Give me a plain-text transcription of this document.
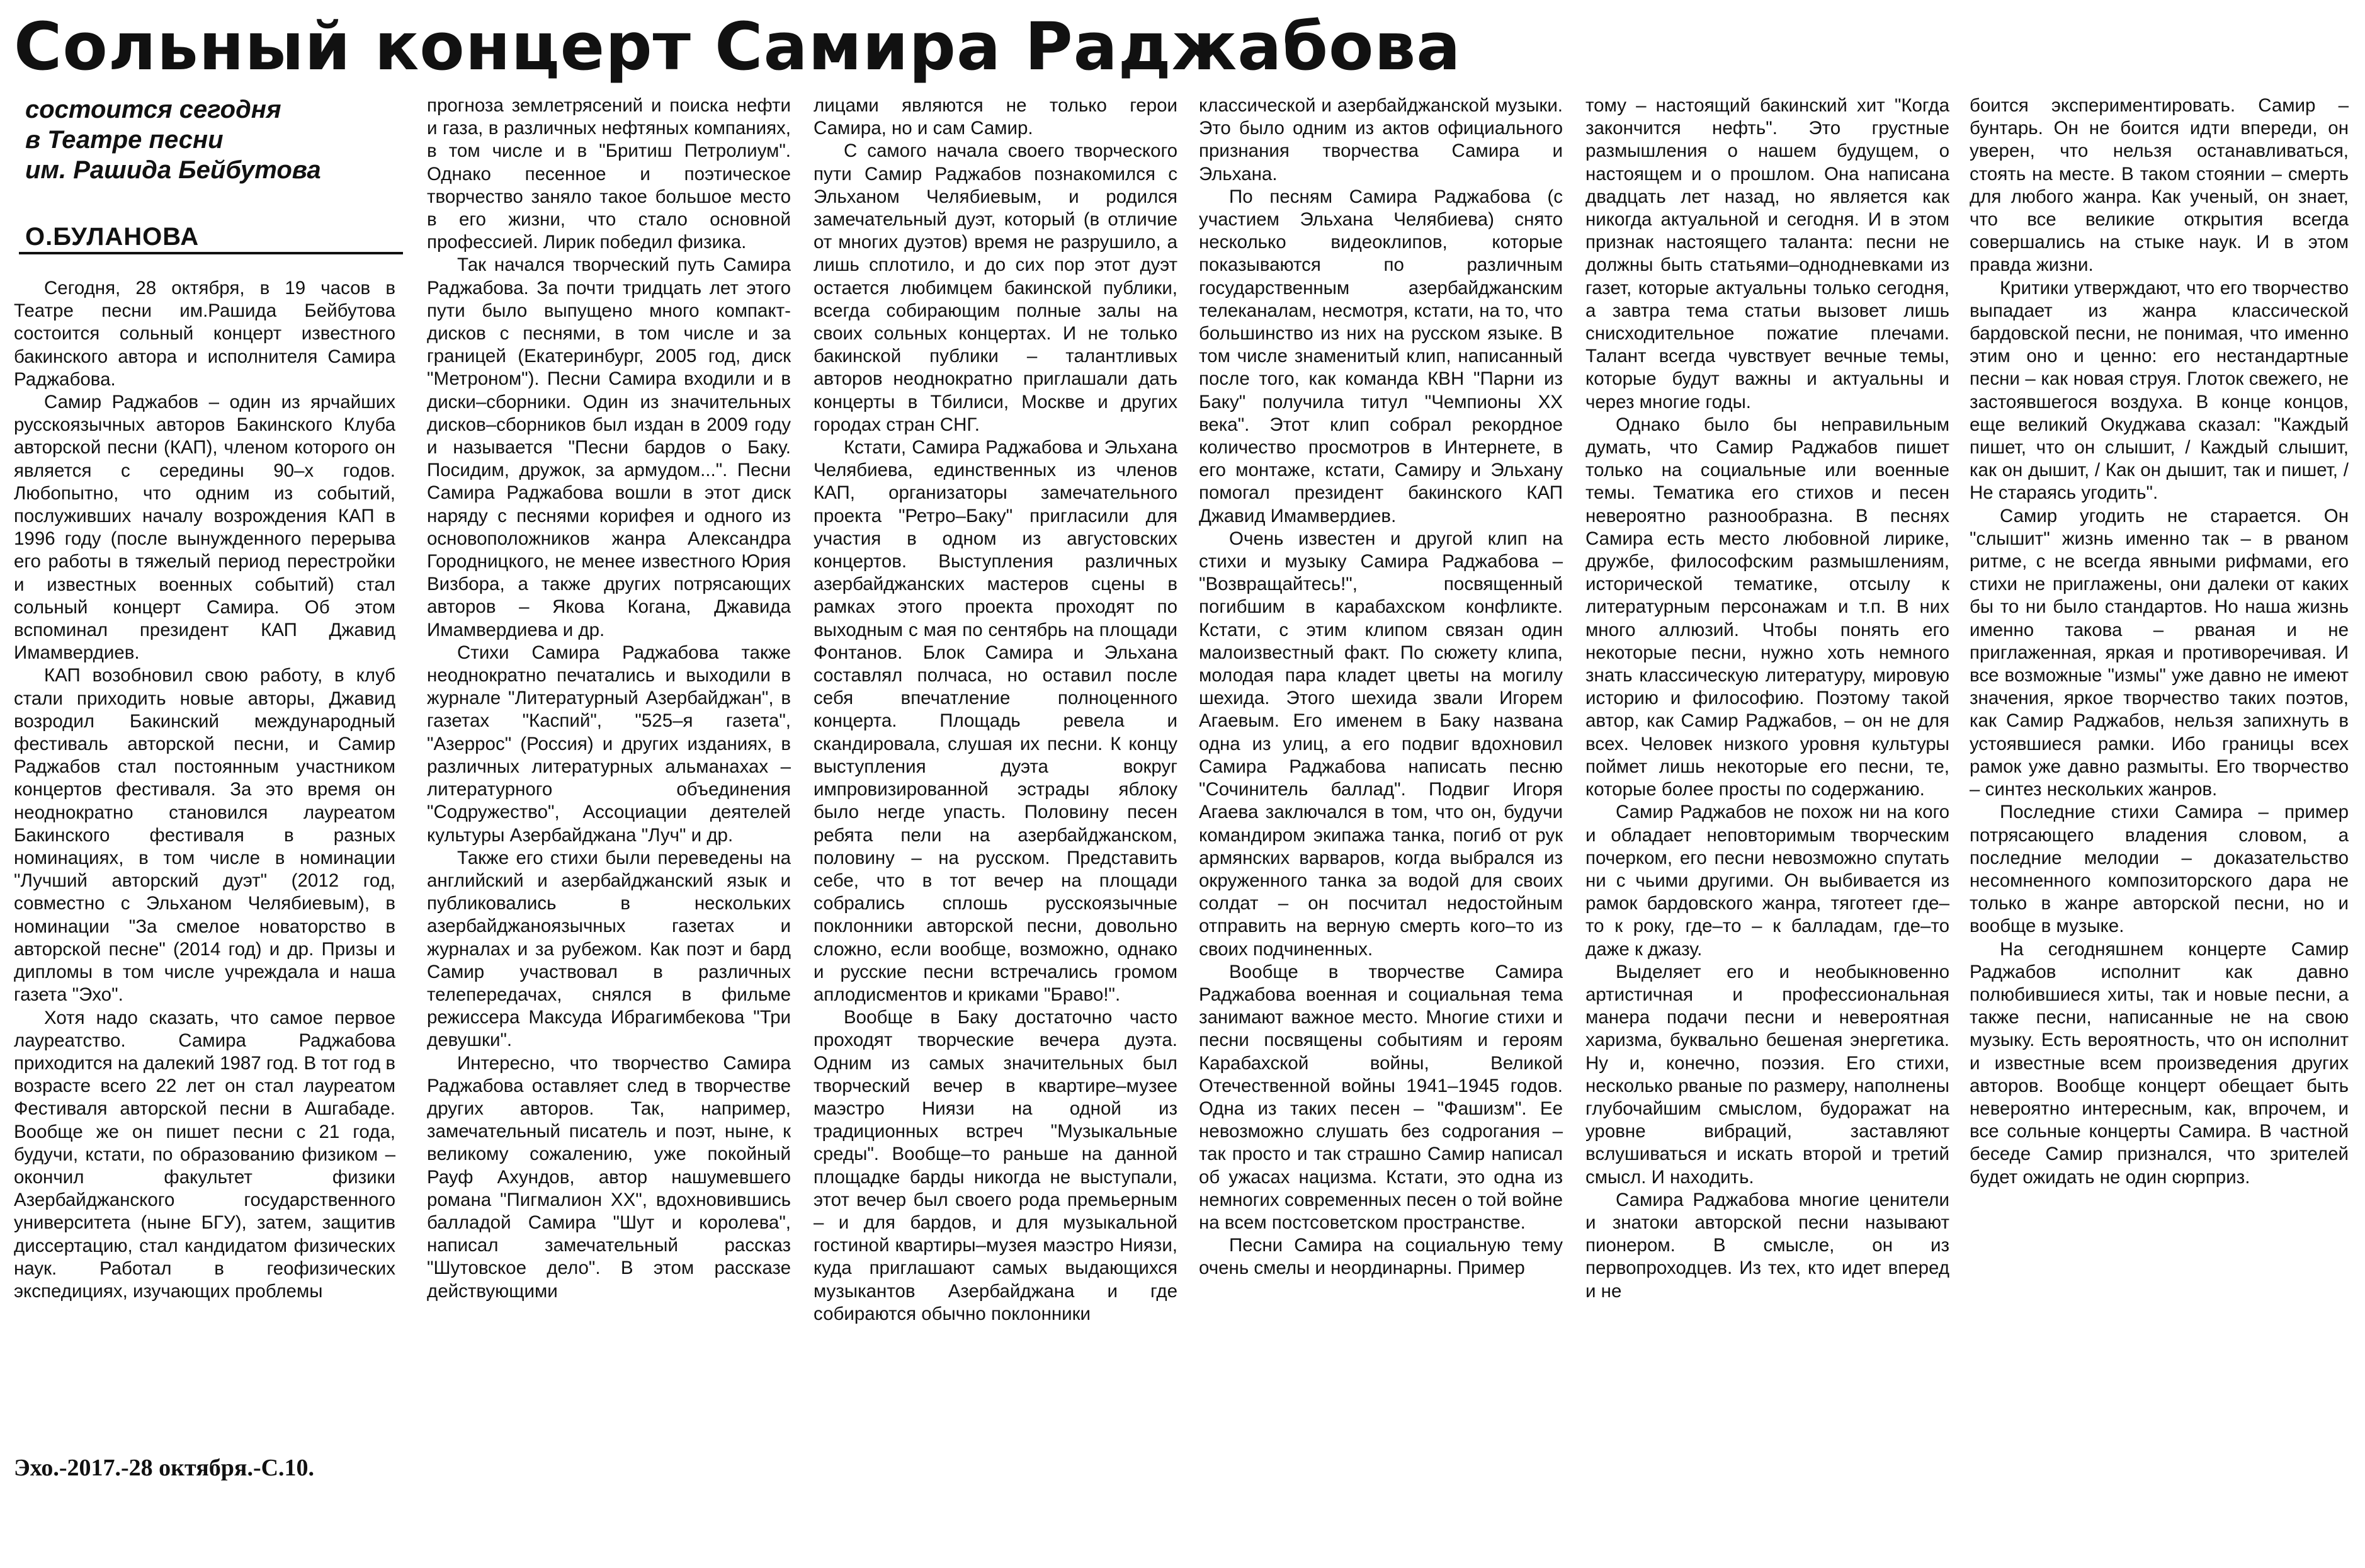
Сольный концерт Самира Раджабова
состоится сегодня
в Театре песни
им. Рашида Бейбутова
О.БУЛАНОВА

Сегодня, 28 октября, в 19 часов в Театре песни им.Рашида Бейбутова состоится сольный концерт известного бакинского автора и исполнителя Самира Раджабова.

Самир Раджабов – один из ярчайших русскоязычных авторов Бакинского Клуба авторской песни (КАП), членом которого он является с середины 90–х годов. Любопытно, что одним из событий, послуживших началу возрождения КАП в 1996 году (после вынужденного перерыва его работы в тяжелый период перестройки и известных военных событий) стал сольный концерт Самира. Об этом вспоминал президент КАП Джавид Имамвердиев.

КАП возобновил свою работу, в клуб стали приходить новые авторы, Джавид возродил Бакинский международный фестиваль авторской песни, и Самир Раджабов стал постоянным участником концертов фестиваля. За это время он неоднократно становился лауреатом Бакинского фестиваля в разных номинациях, в том числе в номинации "Лучший авторский дуэт" (2012 год, совместно с Эльханом Челябиевым), в номинации "За смелое новаторство в авторской песне" (2014 год) и др. Призы и дипломы в том числе учреждала и наша газета "Эхо".

Хотя надо сказать, что самое первое лауреатство. Самира Раджабова приходится на далекий 1987 год. В тот год в возрасте всего 22 лет он стал лауреатом Фестиваля авторской песни в Ашгабаде. Вообще же он пишет песни с 21 года, будучи, кстати, по образованию физиком – окончил факультет физики Азербайджанского государственного университета (ныне БГУ), затем, защитив диссертацию, стал кандидатом физических наук. Работал в геофизических экспедициях, изучающих проблемы

прогноза землетрясений и поиска нефти и газа, в различных нефтяных компаниях, в том числе и в "Бритиш Петролиум". Однако песенное и поэтическое творчество заняло такое большое место в его жизни, что стало основной профессией. Лирик победил физика.

Так начался творческий путь Самира Раджабова. За почти тридцать лет этого пути было выпущено много компакт-дисков с песнями, в том числе и за границей (Екатеринбург, 2005 год, диск "Метроном"). Песни Самира входили и в диски–сборники. Один из значительных дисков–сборников был издан в 2009 году и называется "Песни бардов о Баку. Посидим, дружок, за армудом...". Песни Самира Раджабова вошли в этот диск наряду с песнями корифея и одного из основоположников жанра Александра Городницкого, не менее известного Юрия Визбора, а также других потрясающих авторов – Якова Когана, Джавида Имамвердиева и др.

Стихи Самира Раджабова также неоднократно печатались и выходили в журнале "Литературный Азербайджан", в газетах "Каспий", "525–я газета", "Азеррос" (Россия) и других изданиях, в различных литературных альманахах – литературного объединения "Содружество", Ассоциации деятелей культуры Азербайджана "Луч" и др.

Также его стихи были переведены на английский и азербайджанский язык и публиковались в нескольких азербайджаноязычных газетах и журналах и за рубежом. Как поэт и бард Самир участвовал в различных телепередачах, снялся в фильме режиссера Максуда Ибрагимбекова "Три девушки".

Интересно, что творчество Самира Раджабова оставляет след в творчестве других авторов. Так, например, замечательный писатель и поэт, ныне, к великому сожалению, уже покойный Рауф Ахундов, автор нашумевшего романа "Пигмалион ХХ", вдохновившись балладой Самира "Шут и королева", написал замечательный рассказ "Шутовское дело". В этом рассказе действующими

лицами являются не только герои Самира, но и сам Самир.

С самого начала своего творческого пути Самир Раджабов познакомился с Эльханом Челябиевым, и родился замечательный дуэт, который (в отличие от многих дуэтов) время не разрушило, а лишь сплотило, и до сих пор этот дуэт остается любимцем бакинской публики, всегда собирающим полные залы на своих сольных концертах. И не только бакинской публики – талантливых авторов неоднократно приглашали дать концерты в Тбилиси, Москве и других городах стран СНГ.

Кстати, Самира Раджабова и Эльхана Челябиева, единственных из членов КАП, организаторы замечательного проекта "Ретро–Баку" пригласили для участия в одном из августовских концертов. Выступления различных азербайджанских мастеров сцены в рамках этого проекта проходят по выходным с мая по сентябрь на площади Фонтанов. Блок Самира и Эльхана составлял полчаса, но оставил после себя впечатление полноценного концерта. Площадь ревела и скандировала, слушая их песни. К концу выступления дуэта вокруг импровизированной эстрады яблоку было негде упасть. Половину песен ребята пели на азербайджанском, половину – на русском. Представить себе, что в тот вечер на площади собрались сплошь русскоязычные поклонники авторской песни, довольно сложно, если вообще, возможно, однако и русские песни встречались громом аплодисментов и криками "Браво!".

Вообще в Баку достаточно часто проходят творческие вечера дуэта. Одним из самых значительных был творческий вечер в квартире–музее маэстро Ниязи на одной из традиционных встреч "Музыкальные среды". Вообще–то раньше на данной площадке барды никогда не выступали, этот вечер был своего рода премьерным – и для бардов, и для музыкальной гостиной квартиры–музея маэстро Ниязи, куда приглашают самых выдающихся музыкантов Азербайджана и где собираются обычно поклонники

классической и азербайджанской музыки. Это было одним из актов официального признания творчества Самира и Эльхана.

По песням Самира Раджабова (с участием Эльхана Челябиева) снято несколько видеоклипов, которые показываются по различным государственным азербайджанским телеканалам, несмотря, кстати, на то, что большинство из них на русском языке. В том числе знаменитый клип, написанный после того, как команда КВН "Парни из Баку" получила титул "Чемпионы ХХ века". Этот клип собрал рекордное количество просмотров в Интернете, в его монтаже, кстати, Самиру и Эльхану помогал президент бакинского КАП Джавид Имамвердиев.

Очень известен и другой клип на стихи и музыку Самира Раджабова – "Возвращайтесь!", посвященный погибшим в карабахском конфликте. Кстати, с этим клипом связан один малоизвестный факт. По сюжету клипа, молодая пара кладет цветы на могилу шехида. Этого шехида звали Игорем Агаевым. Его именем в Баку названа одна из улиц, а его подвиг вдохновил Самира Раджабова написать песню "Сочинитель баллад". Подвиг Игоря Агаева заключался в том, что он, будучи командиром экипажа танка, погиб от рук армянских варваров, когда выбрался из окруженного танка за водой для своих солдат – он посчитал недостойным отправить на верную смерть кого–то из своих подчиненных.

Вообще в творчестве Самира Раджабова военная и социальная тема занимают важное место. Многие стихи и песни посвящены событиям и героям Карабахской войны, Великой Отечественной войны 1941–1945 годов. Одна из таких песен – "Фашизм". Ее невозможно слушать без содрогания – так просто и так страшно Самир написал об ужасах нацизма. Кстати, это одна из немногих современных песен о той войне на всем постсоветском пространстве.

Песни Самира на социальную тему очень смелы и неординарны. Пример

тому – настоящий бакинский хит "Когда закончится нефть". Это грустные размышления о нашем будущем, о настоящем и о прошлом. Она написана двадцать лет назад, но является как никогда актуальной и сегодня. И в этом признак настоящего таланта: песни не должны быть статьями–однодневками из газет, которые актуальны только сегодня, а завтра тема статьи вызовет лишь снисходительное пожатие плечами. Талант всегда чувствует вечные темы, которые будут важны и актуальны и через многие годы.

Однако было бы неправильным думать, что Самир Раджабов пишет только на социальные или военные темы. Тематика его стихов и песен невероятно разнообразна. В песнях Самира есть место любовной лирике, дружбе, философским размышлениям, исторической тематике, отсылу к литературным персонажам и т.п. В них много аллюзий. Чтобы понять его некоторые песни, нужно хоть немного знать классическую литературу, мировую историю и философию. Поэтому такой автор, как Самир Раджабов, – он не для всех. Человек низкого уровня культуры поймет лишь некоторые его песни, те, которые более просты по содержанию.

Самир Раджабов не похож ни на кого и обладает неповторимым творческим почерком, его песни невозможно спутать ни с чьими другими. Он выбивается из рамок бардовского жанра, тяготеет где–то к року, где–то – к балладам, где–то даже к джазу.

Выделяет его и необыкновенно артистичная и профессиональная манера подачи песни и невероятная харизма, буквально бешеная энергетика. Ну и, конечно, поэзия. Его стихи, несколько рваные по размеру, наполнены глубочайшим смыслом, будоражат на уровне вибраций, заставляют вслушиваться и искать второй и третий смысл. И находить.

Самира Раджабова многие ценители и знатоки авторской песни называют пионером. В смысле, он из первопроходцев. Из тех, кто идет вперед и не

боится экспериментировать. Самир – бунтарь. Он не боится идти впереди, он уверен, что нельзя останавливаться, стоять на месте. В таком стоянии – смерть для любого жанра. Как ученый, он знает, что все великие открытия всегда совершались на стыке наук. И в этом правда жизни.

Критики утверждают, что его творчество выпадает из жанра классической бардовской песни, не понимая, что именно этим оно и ценно: его нестандартные песни – как новая струя. Глоток свежего, не застоявшегося воздуха. В конце концов, еще великий Окуджава сказал: "Каждый пишет, что он слышит, / Каждый слышит, как он дышит, / Как он дышит, так и пишет, / Не стараясь угодить".

Самир угодить не старается. Он "слышит" жизнь именно так – в рваном ритме, с не всегда явными рифмами, его стихи не приглажены, они далеки от каких бы то ни было стандартов. Но наша жизнь именно такова – рваная и не приглаженная, яркая и противоречивая. И все возможные "измы" уже давно не имеют значения, яркое творчество таких поэтов, как Самир Раджабов, нельзя запихнуть в устоявшиеся рамки. Ибо границы всех рамок уже давно размыты. Его творчество – синтез нескольких жанров.

Последние стихи Самира – пример потрясающего владения словом, а последние мелодии – доказательство несомненного композиторского дара не только в жанре авторской песни, но и вообще в музыке.

На сегодняшнем концерте Самир Раджабов исполнит как давно полюбившиеся хиты, так и новые песни, а также песни, написанные не на свою музыку. Есть вероятность, что он исполнит и известные всем произведения других авторов. Вообще концерт обещает быть невероятно интересным, как, впрочем, и все сольные концерты Самира. В частной беседе Самир признался, что зрителей будет ожидать не один сюрприз.

Эхо.-2017.-28 октября.-С.10.
